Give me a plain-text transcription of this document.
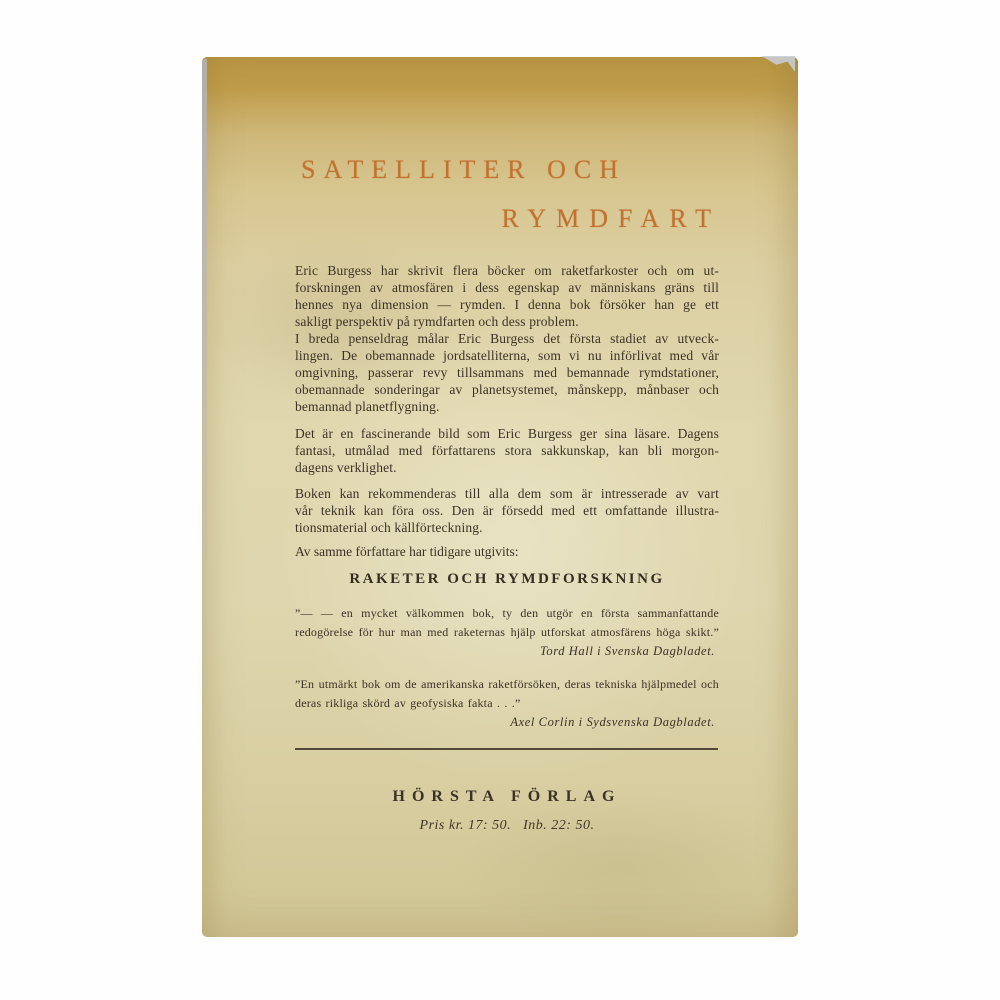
SATELLITER OCH
RYMDFART
Eric Burgess har skrivit flera böcker om raketfarkoster och om ut-
forskningen av atmosfären i dess egenskap av människans gräns till
hennes nya dimension — rymden. I denna bok försöker han ge ett
sakligt perspektiv på rymdfarten och dess problem.
I breda penseldrag målar Eric Burgess det första stadiet av utveck-
lingen. De obemannade jordsatelliterna, som vi nu införlivat med vår
omgivning, passerar revy tillsammans med bemannade rymdstationer,
obemannade sonderingar av planetsystemet, månskepp, månbaser och
bemannad planetflygning.
Det är en fascinerande bild som Eric Burgess ger sina läsare. Dagens
fantasi, utmålad med författarens stora sakkunskap, kan bli morgon-
dagens verklighet.
Boken kan rekommenderas till alla dem som är intresserade av vart
vår teknik kan föra oss. Den är försedd med ett omfattande illustra-
tionsmaterial och källförteckning.
Av samme författare har tidigare utgivits:
RAKETER OCH RYMDFORSKNING
”— — en mycket välkommen bok, ty den utgör en första sammanfattande
redogörelse för hur man med raketernas hjälp utforskat atmosfärens höga skikt.”
Tord Hall i Svenska Dagbladet.
”En utmärkt bok om de amerikanska raketförsöken, deras tekniska hjälpmedel och
deras rikliga skörd av geofysiska fakta . . .”
Axel Corlin i Sydsvenska Dagbladet.
HÖRSTA FÖRLAG
Pris kr. 17: 50.   Inb. 22: 50.
